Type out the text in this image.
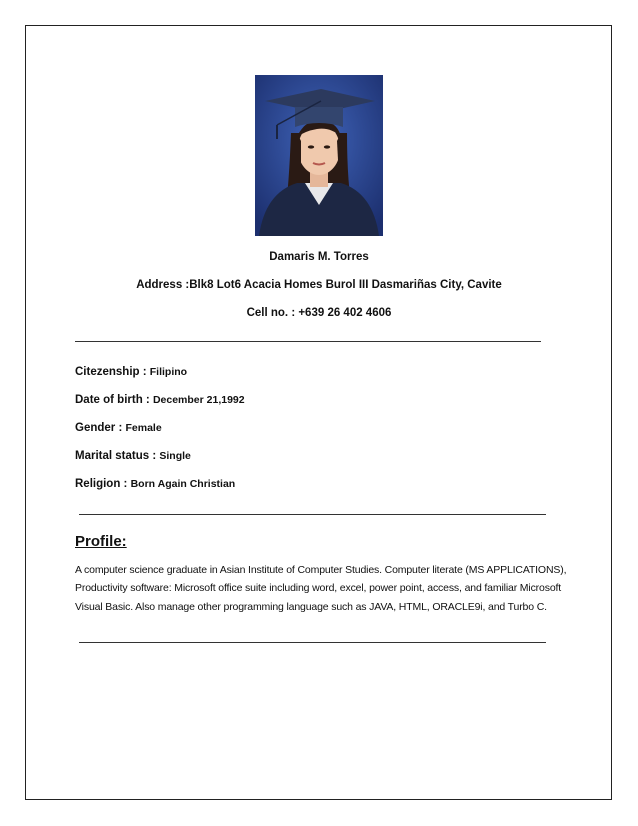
Damaris M. Torres
Address :Blk8 Lot6 Acacia Homes Burol III Dasmariñas City, Cavite
Cell no. : +639 26 402 4606
Citezenship : Filipino
Date of birth : December 21,1992
Gender : Female
Marital status : Single
Religion : Born Again Christian
Profile:
A computer science graduate in Asian Institute of Computer Studies. Computer literate (MS APPLICATIONS), Productivity software: Microsoft office suite including word, excel, power point, access, and familiar Microsoft Visual Basic. Also manage other programming language such as JAVA, HTML, ORACLE9i, and Turbo C.
